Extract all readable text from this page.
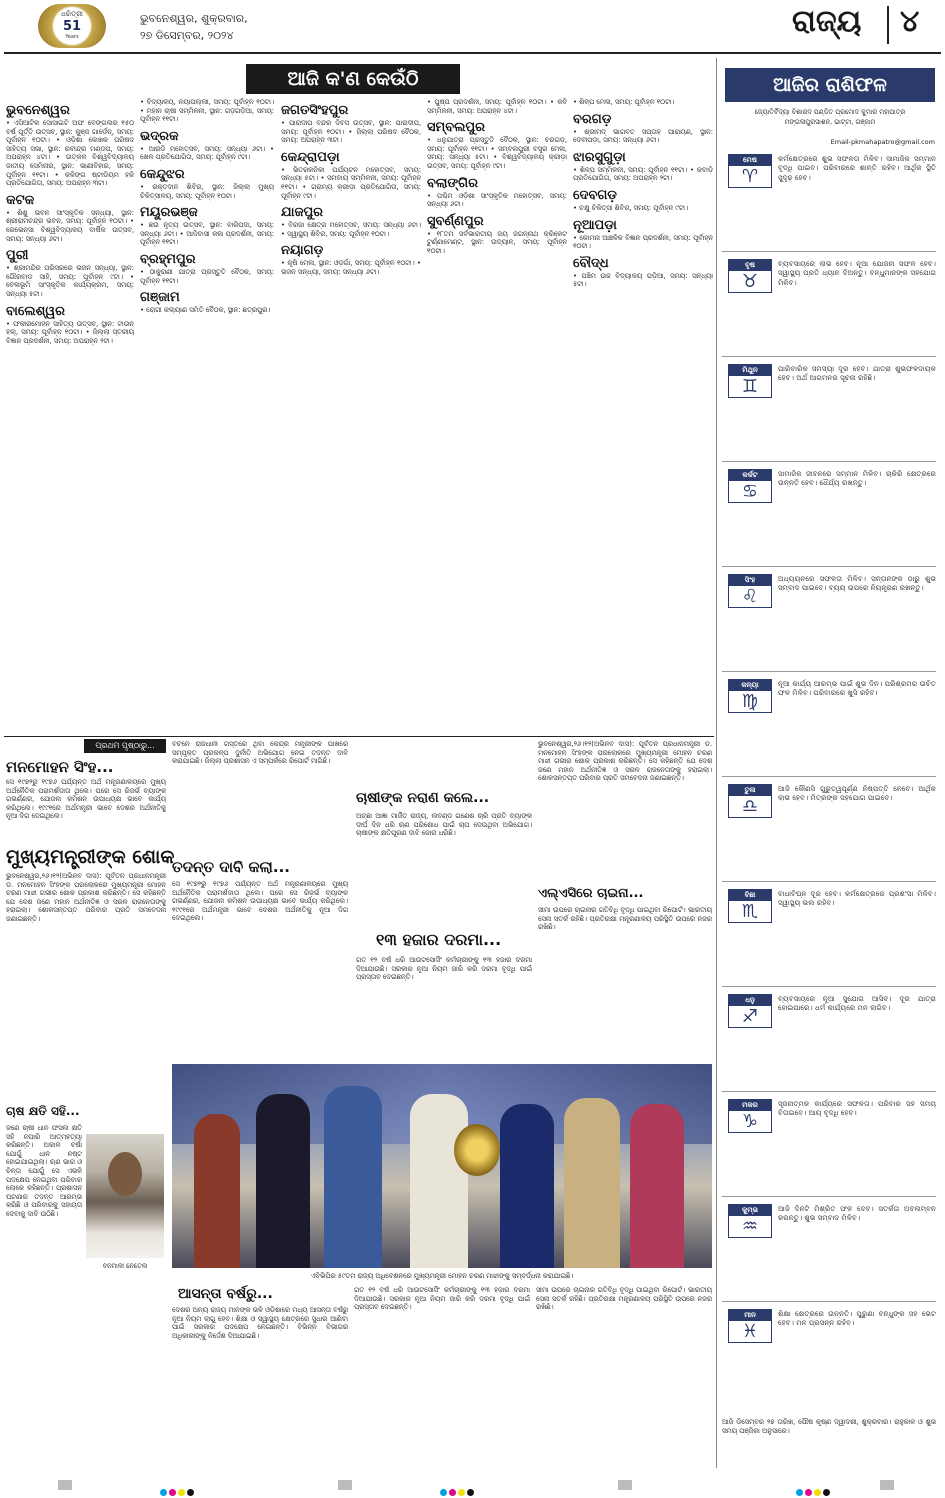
ଧରିତ୍ରୀ
51
Years
ଭୁବନେଶ୍ୱର, ଶୁକ୍ରବାର,
୨୭ ଡିସେମ୍ବର, ୨୦୨୪	ରାଜ୍ୟ ୪
ଆଜି କ'ଣ କେଉଁଠି
ଭୁବନେଶ୍ୱର
• ଏସିଆଟିକ ସୋସାଇଟି ଅଫ ବେଙ୍ଗଲର ୧୫୦ ବର୍ଷ ପୂର୍ତ୍ତି ଉତ୍ସବ, ସ୍ଥାନ: କୁଞ୍ଜ ଗାର୍ଡେନ୍, ସମୟ: ପୂର୍ବାହ୍ନ ୧୦ଟା। • ଓଡ଼ିଶା ଲେଖକ ପରିଷଦ ସାହିତ୍ୟ ସଭା, ସ୍ଥାନ: ରବୀନ୍ଦ୍ର ମଣ୍ଡପ, ସମୟ: ଅପରାହ୍ନ ୪ଟା। • ଉତ୍କଳ ବିଶ୍ୱବିଦ୍ୟାଳୟ ଜାତୀୟ ସେମିନାର, ସ୍ଥାନ: ଭାଣୀବିହାର, ସମୟ: ପୂର୍ବାହ୍ନ ୧୧ଟା। • କଳିଙ୍ଗ ଷ୍ଟାଡିୟମ ହକି ପ୍ରତିଯୋଗିତା, ସମୟ: ଅପରାହ୍ନ ୩ଟା।
କଟକ
• ଶିଶୁ ଭବନ ସାଂସ୍କୃତିକ ସନ୍ଧ୍ୟା, ସ୍ଥାନ: ଶ୍ରୀରାମଚନ୍ଦ୍ର ଭବନ, ସମୟ: ପୂର୍ବାହ୍ନ ୧୦ଟା। • ରେଭେନ୍ସା ବିଶ୍ୱବିଦ୍ୟାଳୟ ବାର୍ଷିକ ଉତ୍ସବ, ସମୟ: ସନ୍ଧ୍ୟା ୬ଟା।
ପୁରୀ
• ଶ୍ରୀମନ୍ଦିର ପରିସରରେ ଭଜନ ସନ୍ଧ୍ୟା, ସ୍ଥାନ: ଗୌରବାଡ଼ ସାହି, ସମୟ: ପୂର୍ବାହ୍ନ ୯ଟା। • ବେଳାଭୂମି ସାଂସ୍କୃତିକ କାର୍ଯ୍ୟକ୍ରମ, ସମୟ: ସନ୍ଧ୍ୟା ୫ଟା।
ବାଲେଶ୍ୱର
• ଫକୀରମୋହନ ସାହିତ୍ୟ ଉତ୍ସବ, ସ୍ଥାନ: ଟାଉନ୍ ହଲ୍, ସମୟ: ପୂର୍ବାହ୍ନ ୧୦ଟା। • ଜିଲ୍ଲା ସ୍ତରୀୟ ବିଜ୍ଞାନ ପ୍ରଦର୍ଶନୀ, ସମୟ: ଅପରାହ୍ନ ୨ଟା।
• ବିଦ୍ୟାଳୟ, ନୟାପଲ୍ଲୀ, ସମୟ: ପୂର୍ବାହ୍ନ ୧୦ଟା। • ମହାନ ଚାଷୀ ସମ୍ମିଳନୀ, ସ୍ଥାନ: ଗଡ଼ଗଡ଼ିଆ, ସମୟ: ପୂର୍ବାହ୍ନ ୧୧ଟା।
ଭଦ୍ରକ
• ଆରଡ଼ି ମହୋତ୍ସବ, ସମୟ: ସନ୍ଧ୍ୟା ୬ଟା। • ଖେଳ ପ୍ରତିଯୋଗିତା, ସମୟ: ପୂର୍ବାହ୍ନ ୯ଟା।
କେନ୍ଦୁଝର
• ରକ୍ତଦାନ ଶିବିର, ସ୍ଥାନ: ଜିଲ୍ଲା ମୁଖ୍ୟ ଚିକିତ୍ସାଳୟ, ସମୟ: ପୂର୍ବାହ୍ନ ୧୦ଟା।
ମୟୂରଭଞ୍ଜ
• ଛଉ ନୃତ୍ୟ ଉତ୍ସବ, ସ୍ଥାନ: ବାରିପଦା, ସମୟ: ସନ୍ଧ୍ୟା ୬ଟା। • ଆଦିବାସୀ କଳା ପ୍ରଦର୍ଶନୀ, ସମୟ: ପୂର୍ବାହ୍ନ ୧୧ଟା।
ବ୍ରହ୍ମପୁର
• ଠାକୁରାଣୀ ଯାତ୍ରା ପ୍ରସ୍ତୁତି ବୈଠକ, ସମୟ: ପୂର୍ବାହ୍ନ ୧୧ଟା।
ଗଞ୍ଜାମ
• ରୋଗୀ କଲ୍ୟାଣ ସମିତି ବୈଠକ, ସ୍ଥାନ: ଛତ୍ରପୁର।
ଜଗତସିଂହପୁର
• ପାରାଦୀପ ବନ୍ଦର ଦିବସ ଉତ୍ସବ, ସ୍ଥାନ: ପାରାଦୀପ, ସମୟ: ପୂର୍ବାହ୍ନ ୧୦ଟା। • ଜିଲ୍ଲା ପରିଷଦ ବୈଠକ, ସମୟ: ଅପରାହ୍ନ ୩ଟା।
କେନ୍ଦ୍ରାପଡ଼ା
• ଭିତରକନିକା ପର୍ଯ୍ୟଟନ ମହୋତ୍ସବ, ସମୟ: ସନ୍ଧ୍ୟା ୫ଟା। • ସମବାୟ ସମ୍ମିଳନୀ, ସମୟ: ପୂର୍ବାହ୍ନ ୧୧ଟା। • ଗ୍ରାମ୍ୟ କ୍ରୀଡ଼ା ପ୍ରତିଯୋଗିତା, ସମୟ: ପୂର୍ବାହ୍ନ ୯ଟା।
ଯାଜପୁର
• ବିରଜା କ୍ଷେତ୍ର ମହୋତ୍ସବ, ସମୟ: ସନ୍ଧ୍ୟା ୬ଟା। • ସ୍ୱାସ୍ଥ୍ୟ ଶିବିର, ସମୟ: ପୂର୍ବାହ୍ନ ୧୦ଟା।
ନୟାଗଡ଼
• କୃଷି ମେଳା, ସ୍ଥାନ: ଓଡ଼ଗାଁ, ସମୟ: ପୂର୍ବାହ୍ନ ୧୦ଟା। • ଭଜନ ସନ୍ଧ୍ୟା, ସମୟ: ସନ୍ଧ୍ୟା ୬ଟା।
• ପୁଷ୍ପ ପ୍ରଦର୍ଶନୀ, ସମୟ: ପୂର୍ବାହ୍ନ ୧୦ଟା। • କବି ସମ୍ମିଳନୀ, ସମୟ: ଅପରାହ୍ନ ୪ଟା।
ସମ୍ବଲପୁର
• ଧନୁଯାତ୍ରା ପ୍ରସ୍ତୁତି ବୈଠକ, ସ୍ଥାନ: ବରଗଡ଼, ସମୟ: ପୂର୍ବାହ୍ନ ୧୧ଟା। • ସମ୍ବଲପୁରୀ ବସ୍ତ୍ର ମେଳା, ସମୟ: ସନ୍ଧ୍ୟା ୫ଟା। • ବିଶ୍ୱବିଦ୍ୟାଳୟ କ୍ରୀଡ଼ା ଉତ୍ସବ, ସମୟ: ପୂର୍ବାହ୍ନ ୯ଟା।
ବଲାଙ୍ଗିର
• ପଶ୍ଚିମ ଓଡ଼ିଶା ସାଂସ୍କୃତିକ ମହୋତ୍ସବ, ସମୟ: ସନ୍ଧ୍ୟା ୬ଟା।
ସୁବର୍ଣ୍ଣପୁର
• ୧୮ତମ ସର୍ବଭାରତୀୟ ଜୟ ଜଗନ୍ନାଥ କ୍ରିକେଟ ଟୁର୍ଣ୍ଣାମେଣ୍ଟ, ସ୍ଥାନ: ଉଦ୍ୟାନ, ସମୟ: ପୂର୍ବାହ୍ନ ୧୦ଟା।
• ଶିଳ୍ପ ମେଳା, ସମୟ: ପୂର୍ବାହ୍ନ ୧୦ଟା।
ବରଗଡ଼
• ଶ୍ରୀମଦ୍ ଭାଗବତ ସପ୍ତାହ ପାରାୟଣ, ସ୍ଥାନ: ଦେବୀପଡ଼ା, ସମୟ: ସନ୍ଧ୍ୟା ୬ଟା।
ଝାରସୁଗୁଡ଼ା
• ଶିଳ୍ପ ସମ୍ମିଳନୀ, ସମୟ: ପୂର୍ବାହ୍ନ ୧୧ଟା। • କବାଡ଼ି ପ୍ରତିଯୋଗିତା, ସମୟ: ଅପରାହ୍ନ ୨ଟା।
ଦେବଗଡ଼
• ଚକ୍ଷୁ ଚିକିତ୍ସା ଶିବିର, ସମୟ: ପୂର୍ବାହ୍ନ ୯ଟା।
ନୂଆପଡ଼ା
• କୋମନା ଆଞ୍ଚଳିକ ବିଜ୍ଞାନ ପ୍ରଦର୍ଶନୀ, ସମୟ: ପୂର୍ବାହ୍ନ ୧୦ଟା।
ବୌଦ୍ଧ
• ପଞ୍ଚିମ ଉଚ୍ଚ ବିଦ୍ୟାଳୟ ପଡ଼ିଆ, ସମୟ: ସନ୍ଧ୍ୟା ୫ଟା।
ଆଜିର ରାଶିଫଳ
ଜ୍ୟୋତିର୍ବିଦ୍ୟା ବିଶାରଦ ପଣ୍ଡିତ ପ୍ରମୋଦ କୁମାର ମହାପାତ୍ର
ମଙ୍ଗଳାପୁରସାଶନ, ଭାଟ୍ଟା, ଗଞ୍ଜାମ
Email-pkmahapatro@gmail.com
ମେଷ
♈
କର୍ମକ୍ଷେତ୍ରରେ ଶୁଭ ସଫଳତା ମିଳିବ। ସାମାଜିକ ସମ୍ମାନ ବୃଦ୍ଧି ପାଇବ। ପରିବାରରେ ଶାନ୍ତି ରହିବ। ଆର୍ଥିକ ସ୍ଥିତି ସୁଦୃଢ଼ ହେବ।
ବୃଷ
♉
ବ୍ୟବସାୟରେ ଲାଭ ହେବ। ନୂଆ ଯୋଜନା ସଫଳ ହେବ। ସ୍ୱାସ୍ଥ୍ୟ ପ୍ରତି ଧ୍ୟାନ ଦିଅନ୍ତୁ। ବନ୍ଧୁମାନଙ୍କ ସହଯୋଗ ମିଳିବ।
ମିଥୁନ
♊
ପାରିବାରିକ ସମସ୍ୟା ଦୂର ହେବ। ଯାତ୍ରା ଶୁଭଫଳଦାୟକ ହେବ। ଅର୍ଥ ଆଗମନର ସୂଚନା ରହିଛି।
କର୍କଟ
♋
ସାମାଜିକ ଜୀବନରେ ସମ୍ମାନ ମିଳିବ। ଚାକିରି କ୍ଷେତ୍ରରେ ଉନ୍ନତି ହେବ। ଧୈର୍ଯ୍ୟ ରଖନ୍ତୁ।
ସିଂହ
♌
ଅଧ୍ୟୟନରେ ସଫଳତା ମିଳିବ। ସନ୍ତାନଙ୍କ ଠାରୁ ଶୁଭ ସମ୍ବାଦ ପାଇବେ। ବ୍ୟୟ ଉପରେ ନିୟନ୍ତ୍ରଣ ରଖନ୍ତୁ।
କନ୍ୟା
♍
ନୂଆ କାର୍ଯ୍ୟ ଆରମ୍ଭ ପାଇଁ ଶୁଭ ଦିନ। ପରିଶ୍ରମର ଉଚିତ ଫଳ ମିଳିବ। ପରିବାରରେ ଖୁସି ରହିବ।
ତୁଳା
♎
ଆଜି କୌଣସି ଗୁରୁତ୍ୱପୂର୍ଣ୍ଣ ନିଷ୍ପତ୍ତି ନେବେ। ଆର୍ଥିକ ଲାଭ ହେବ। ମିତ୍ରଙ୍କ ସହଯୋଗ ପାଇବେ।
ବିଛା
♏
ବାଧାବିଘ୍ନ ଦୂର ହେବ। କର୍ମକ୍ଷେତ୍ରରେ ପ୍ରଶଂସା ମିଳିବ। ସ୍ୱାସ୍ଥ୍ୟ ଭଲ ରହିବ।
ଧନୁ
♐
ବ୍ୟବସାୟରେ ନୂଆ ସୁଯୋଗ ଆସିବ। ଦୂର ଯାତ୍ରା ହୋଇପାରେ। ଧର୍ମ କାର୍ଯ୍ୟରେ ମନ ଲାଗିବ।
ମକର
♑
ସୃଜନାତ୍ମକ କାର୍ଯ୍ୟରେ ସଫଳତା। ପରିବାର ସହ ସମୟ ବିତାଇବେ। ଆୟ ବୃଦ୍ଧି ହେବ।
କୁମ୍ଭ
♒
ଆଜି ଦିନଟି ମିଶ୍ରିତ ଫଳ ଦେବ। ସତର୍କତା ଅବଲମ୍ବନ କରନ୍ତୁ। ଶୁଭ ସମ୍ବାଦ ମିଳିବ।
ମୀନ
♓
ଶିକ୍ଷା କ୍ଷେତ୍ରରେ ଉନ୍ନତି। ପୁରୁଣା ବନ୍ଧୁଙ୍କ ସହ ଭେଟ ହେବ। ମନ ପ୍ରସନ୍ନ ରହିବ।
ଆଜି ଡିସେମ୍ବର ୨୭ ତାରିଖ, ପୌଷ କୃଷ୍ଣ ଦ୍ୱାଦଶୀ, ଶୁକ୍ରବାର। ରାହୁକାଳ ଓ ଶୁଭ ସମୟ ପଞ୍ଜିକା ଅନୁସାରେ।
ପ୍ରଥମ ପୃଷ୍ଠାରୁ...
ମନମୋହନ ସିଂହ...
ସେ ୧୯୭୨ରୁ ୧୯୭୬ ପର୍ଯ୍ୟନ୍ତ ଅର୍ଥ ମନ୍ତ୍ରଣାଳୟରେ ମୁଖ୍ୟ ଅର୍ଥନୈତିକ ପରାମର୍ଶଦାତା ଥିଲେ। ପରେ ସେ ରିଜର୍ଭ ବ୍ୟାଙ୍କ ଗଭର୍ଣ୍ଣର, ଯୋଜନା କମିଶନ ଉପାଧ୍ୟକ୍ଷ ଭାବେ କାର୍ଯ୍ୟ କରିଥିଲେ। ୧୯୯୧ରେ ଅର୍ଥମନ୍ତ୍ରୀ ଭାବେ ଦେଶର ଅର୍ଥନୀତିକୁ ନୂଆ ଦିଗ ଦେଇଥିଲେ।
ମୁଖ୍ୟମନ୍ତ୍ରୀଙ୍କ ଶୋକ
ଭୁବନେଶ୍ୱର,୨୬।୧୨(ଅଭିନବ ଦାସ): ପୂର୍ବତନ ପ୍ରଧାନମନ୍ତ୍ରୀ ଡ. ମନମୋହନ ସିଂହଙ୍କ ପରଲୋକରେ ମୁଖ୍ୟମନ୍ତ୍ରୀ ମୋହନ ଚରଣ ମାଝୀ ଗଭୀର ଶୋକ ପ୍ରକାଶ କରିଛନ୍ତି। ସେ କହିଛନ୍ତି ଯେ ଦେଶ ଜଣେ ମହାନ ଅର୍ଥନୀତିଜ୍ଞ ଓ ସରଳ ରାଜନେତାଙ୍କୁ ହରାଇଲା। ଶୋକସନ୍ତପ୍ତ ପରିବାର ପ୍ରତି ସମବେଦନା ଜଣାଇଛନ୍ତି।
ଚାଷ କ୍ଷତି ସହି...
ଜଣେ ଚାଷୀ ଧାନ ଫସଲ କ୍ଷତି ସହି ନପାରି ଆତ୍ମହତ୍ୟା କରିଛନ୍ତି। ଅକାଳ ବର୍ଷା ଯୋଗୁଁ ଧାନ ନଷ୍ଟ ହୋଇଯାଇଥିଲା। ଋଣ ଭାର ଓ ଚିନ୍ତା ଯୋଗୁଁ ସେ ଏଭଳି ପଦକ୍ଷେପ ନେଇଥିବା ପରିବାର ଲୋକେ କହିଛନ୍ତି। ପ୍ରଶାସନ ଘଟଣାର ତଦନ୍ତ ଆରମ୍ଭ କରିଛି ଓ ପରିବାରକୁ ସହାୟତା ଦେବାକୁ ଦାବି ଉଠିଛି।
ବନମାଳୀ ନେତେଲ
ବଚନେ ରାଜଧାନୀ ଗସ୍ତରେ ଥିବା କେନ୍ଦ୍ର ମନ୍ତ୍ରୀଙ୍କ ପାଖରେ ସମ୍ପୃକ୍ତ ପ୍ରକଳ୍ପ ଦୁର୍ନୀତି ଅଭିଯୋଗ ନେଇ ତଦନ୍ତ ଦାବି କରାଯାଇଛି। ଜିଲ୍ଲା ପ୍ରଶାସନ ଏ ସମ୍ପର୍କରେ ରିପୋର୍ଟ ମାଗିଛି।
ତଦନ୍ତ ଦାବି କଲା...
ସେ ୧୯୭୨ରୁ ୧୯୭୬ ପର୍ଯ୍ୟନ୍ତ ଅର୍ଥ ମନ୍ତ୍ରଣାଳୟରେ ମୁଖ୍ୟ ଅର୍ଥନୈତିକ ପରାମର୍ଶଦାତା ଥିଲେ। ପରେ ସେ ରିଜର୍ଭ ବ୍ୟାଙ୍କ ଗଭର୍ଣ୍ଣର, ଯୋଜନା କମିଶନ ଉପାଧ୍ୟକ୍ଷ ଭାବେ କାର୍ଯ୍ୟ କରିଥିଲେ। ୧୯୯୧ରେ ଅର୍ଥମନ୍ତ୍ରୀ ଭାବେ ଦେଶର ଅର୍ଥନୀତିକୁ ନୂଆ ଦିଗ ଦେଇଥିଲେ।
ଚାଷୀଙ୍କ ନରାଣ କଲେ...
ଅଚ୍ଛା ଆଜ୍ଞା ମାର୍ଜିତ ରାଜ୍ୟ, ଲବଣ୍ଡ ଗଣେଶ ଚାରି ପ୍ରତି ବ୍ୟାଙ୍କ ଦୀର୍ଘ ଦିନ ଧରି ଋଣ ପରିଶୋଧ ପାଇଁ ଚାପ ଦେଉଥିବା ଅଭିଯୋଗ। ଚାଷୀଙ୍କ କ୍ଷତିପୂରଣ ଦାବି ଜୋର ଧରିଛି।
୧୩ ହଜାର ଦରମା...
ଗତ ୧୨ ବର୍ଷ ଧରି ଆଉଟସୋର୍ସିଂ କର୍ମଚାରୀଙ୍କୁ ୧୩ ହଜାର ଦରମା ଦିଆଯାଉଛି। ସରକାର ନୂଆ ନିୟମ ଜାରି କରି ଦରମା ବୃଦ୍ଧି ପାଇଁ ପ୍ରସ୍ତାବ ଦେଇଛନ୍ତି।
ଭୁବନେଶ୍ୱର,୨୬।୧୨(ଅଭିନବ ଦାସ): ପୂର୍ବତନ ପ୍ରଧାନମନ୍ତ୍ରୀ ଡ. ମନମୋହନ ସିଂହଙ୍କ ପରଲୋକରେ ମୁଖ୍ୟମନ୍ତ୍ରୀ ମୋହନ ଚରଣ ମାଝୀ ଗଭୀର ଶୋକ ପ୍ରକାଶ କରିଛନ୍ତି। ସେ କହିଛନ୍ତି ଯେ ଦେଶ ଜଣେ ମହାନ ଅର୍ଥନୀତିଜ୍ଞ ଓ ସରଳ ରାଜନେତାଙ୍କୁ ହରାଇଲା। ଶୋକସନ୍ତପ୍ତ ପରିବାର ପ୍ରତି ସମବେଦନା ଜଣାଇଛନ୍ତି।
ଏଲ୍ଏସିରେ ଚାଇନା...
ସୀମା ଉପରେ ଚାଇନାର ଗତିବିଧି ବୃଦ୍ଧି ପାଇଥିବା ରିପୋର୍ଟ। ଭାରତୀୟ ସେନା ସତର୍କ ରହିଛି। ପ୍ରତିରକ୍ଷା ମନ୍ତ୍ରଣାଳୟ ପରିସ୍ଥିତି ଉପରେ ନଜର ରଖିଛି।
ଏବିଭିପିର ୫୯ତମ ରାଜ୍ୟ ଅଧିବେଶନରେ ମୁଖ୍ୟମନ୍ତ୍ରୀ ମୋହନ ଚରଣ ମାଝୀଙ୍କୁ ସମ୍ବର୍ଦ୍ଧନା କରାଯାଇଛି।
ଆସନ୍ତା ବର୍ଷରୁ...
ଦେଶର ଅନ୍ୟ ରାଜ୍ୟ ମାନଙ୍କ ଭଳି ଓଡ଼ିଶାରେ ମଧ୍ୟ ଆସନ୍ତା ବର୍ଷରୁ ନୂଆ ନିୟମ ଲାଗୁ ହେବ। ଶିକ୍ଷା ଓ ସ୍ୱାସ୍ଥ୍ୟ କ୍ଷେତ୍ରରେ ସୁଧାର ଆଣିବା ପାଇଁ ସରକାର ପଦକ୍ଷେପ ନେଇଛନ୍ତି। ବିଭିନ୍ନ ବିଭାଗର ଅଧିକାରୀଙ୍କୁ ନିର୍ଦ୍ଦେଶ ଦିଆଯାଇଛି।
ଗତ ୧୨ ବର୍ଷ ଧରି ଆଉଟସୋର୍ସିଂ କର୍ମଚାରୀଙ୍କୁ ୧୩ ହଜାର ଦରମା ଦିଆଯାଉଛି। ସରକାର ନୂଆ ନିୟମ ଜାରି କରି ଦରମା ବୃଦ୍ଧି ପାଇଁ ପ୍ରସ୍ତାବ ଦେଇଛନ୍ତି।
ସୀମା ଉପରେ ଚାଇନାର ଗତିବିଧି ବୃଦ୍ଧି ପାଇଥିବା ରିପୋର୍ଟ। ଭାରତୀୟ ସେନା ସତର୍କ ରହିଛି। ପ୍ରତିରକ୍ଷା ମନ୍ତ୍ରଣାଳୟ ପରିସ୍ଥିତି ଉପରେ ନଜର ରଖିଛି।
